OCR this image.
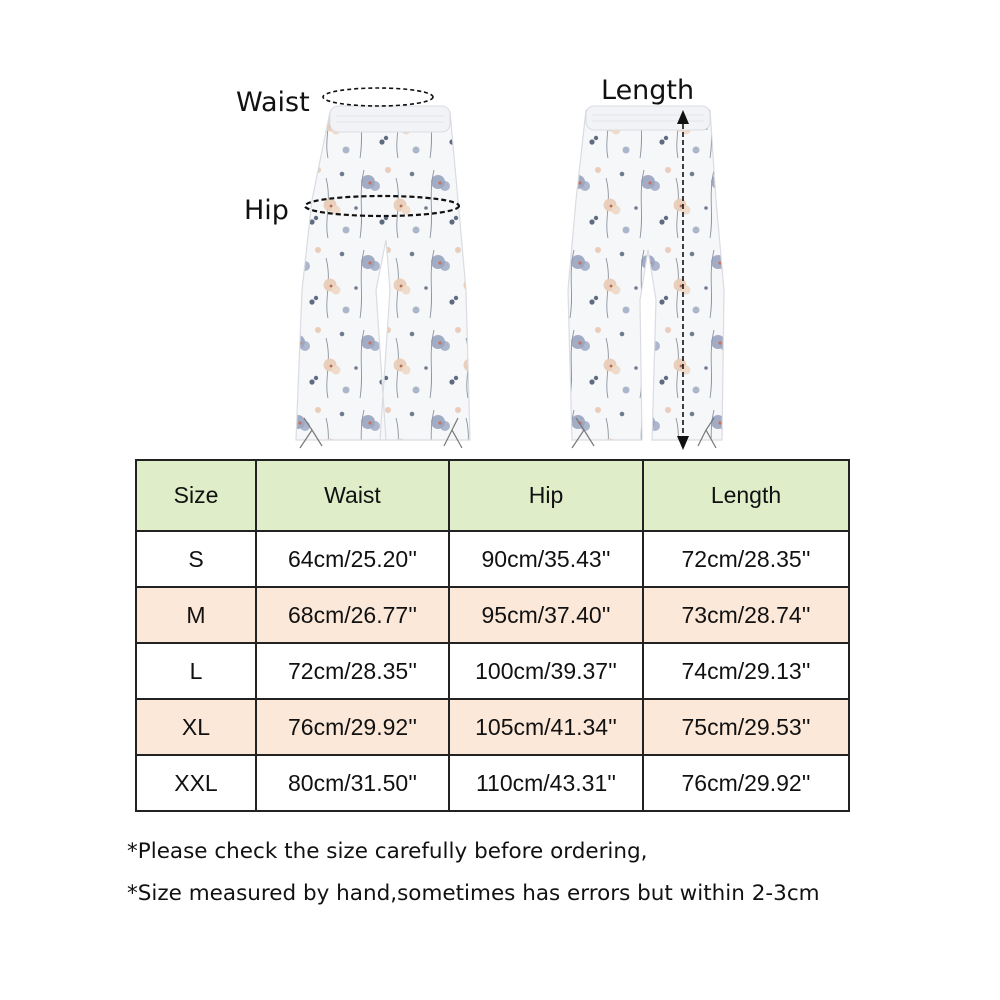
Waist
Hip
Length
Size	Waist	Hip	Length
S	64cm/25.20''	90cm/35.43''	72cm/28.35''
M	68cm/26.77''	95cm/37.40''	73cm/28.74''
L	72cm/28.35''	100cm/39.37''	74cm/29.13''
XL	76cm/29.92''	105cm/41.34''	75cm/29.53''
XXL	80cm/31.50''	110cm/43.31''	76cm/29.92''
*Please check the size carefully before ordering,
*Size measured by hand,sometimes has errors but within 2-3cm
